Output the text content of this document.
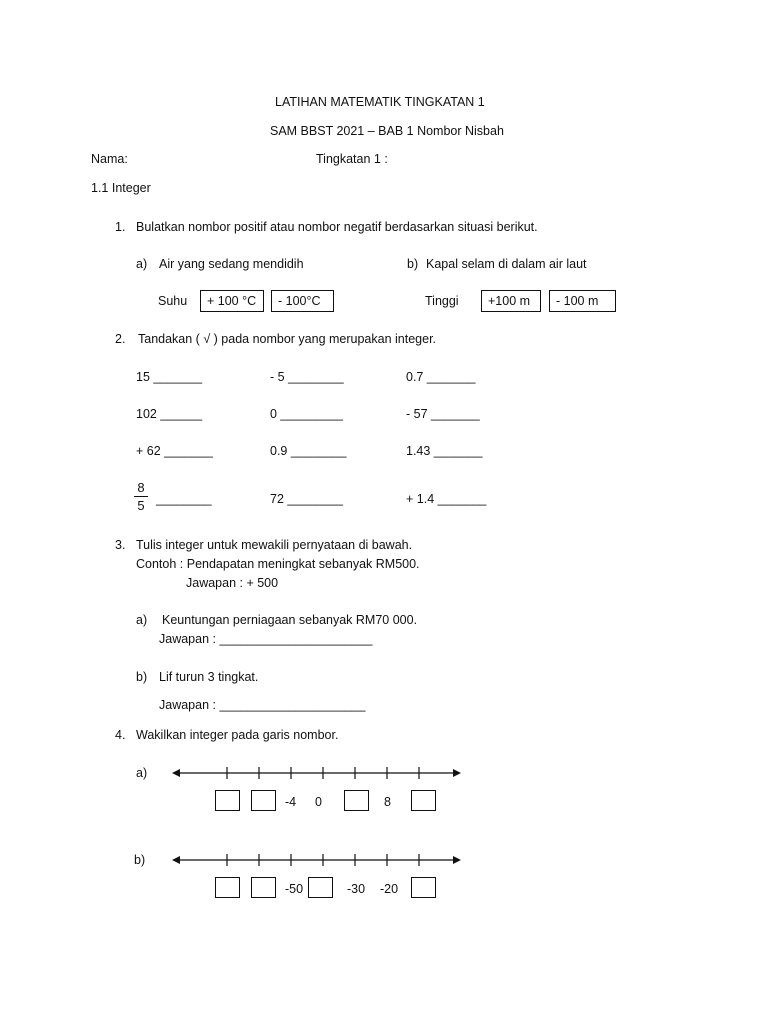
LATIHAN MATEMATIK TINGKATAN 1
SAM BBST 2021 – BAB 1 Nombor Nisbah
Nama:	Tingkatan 1 :
1.1 Integer
1. Bulatkan nombor positif atau nombor negatif berdasarkan situasi berikut.
a) Air yang sedang mendidih	b) Kapal selam di dalam air laut
Suhu	+ 100 °C	- 100°C	Tinggi	+100 m	- 100 m
2. Tandakan ( √ ) pada nombor yang merupakan integer.
15 _______	- 5 ________	0.7 _______
102 ______	0 _________	- 57 _______
+ 62 _______	0.9 ________	1.43 _______
8
5 ________	72 ________	+ 1.4 _______
3. Tulis integer untuk mewakili pernyataan di bawah.
Contoh : Pendapatan meningkat sebanyak RM500.
Jawapan : + 500
a) Keuntungan perniagaan sebanyak RM70 000.
Jawapan : ______________________
b) Lif turun 3 tingkat.
Jawapan : _____________________
4. Wakilkan integer pada garis nombor.
a)
b)
-4 0	8
-50	-30 -20
